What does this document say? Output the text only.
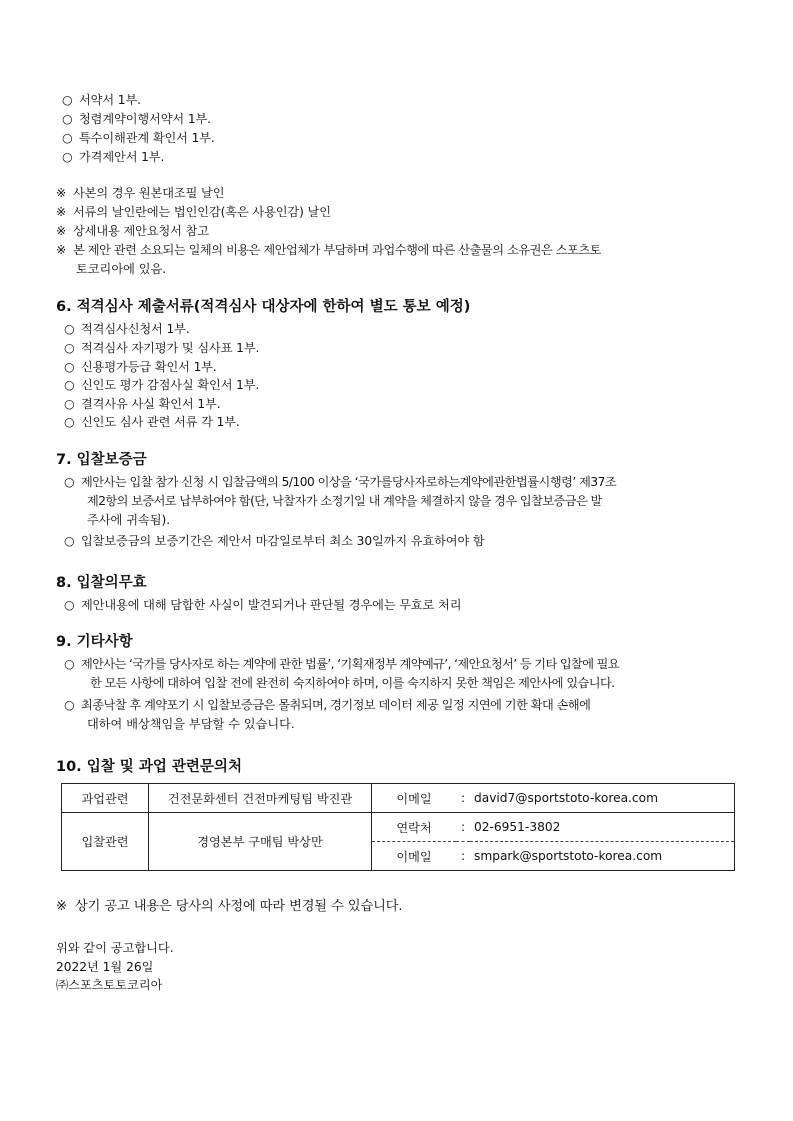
○ 서약서 1부.
○ 청렴계약이행서약서 1부.
○ 특수이해관계 확인서 1부.
○ 가격제안서 1부.
※ 사본의 경우 원본대조필 날인
※ 서류의 날인란에는 법인인감(혹은 사용인감) 날인
※ 상세내용 제안요청서 참고
※ 본 제안 관련 소요되는 일체의 비용은 제안업체가 부담하며 과업수행에 따른 산출물의 소유권은 스포츠토
토코리아에 있음.
6. 적격심사 제출서류(적격심사 대상자에 한하여 별도 통보 예정)
○ 적격심사신청서 1부.
○ 적격심사 자기평가 및 심사표 1부.
○ 신용평가등급 확인서 1부.
○ 신인도 평가 감점사실 확인서 1부.
○ 결격사유 사실 확인서 1부.
○ 신인도 심사 관련 서류 각 1부.
7. 입찰보증금
○ 제안사는 입찰 참가 신청 시 입찰금액의 5/100 이상을 ‘국가를당사자로하는계약에관한법률시행령’ 제37조
제2항의 보증서로 납부하여야 함(단, 낙찰자가 소정기일 내 계약을 체결하지 않을 경우 입찰보증금은 발
주사에 귀속됨).
○ 입찰보증금의 보증기간은 제안서 마감일로부터 최소 30일까지 유효하여야 함
8. 입찰의무효
○ 제안내용에 대해 담합한 사실이 발견되거나 판단될 경우에는 무효로 처리
9. 기타사항
○ 제안사는 ‘국가를 당사자로 하는 계약에 관한 법률’, ‘기획재정부 계약예규’, ‘제안요청서’ 등 기타 입찰에 필요
한 모든 사항에 대하여 입찰 전에 완전히 숙지하여야 하며, 이를 숙지하지 못한 책임은 제안사에 있습니다.
○ 최종낙찰 후 계약포기 시 입찰보증금은 몰취되며, 경기정보 데이터 제공 일정 지연에 기한 확대 손해에
대하여 배상책임을 부담할 수 있습니다.
10. 입찰 및 과업 관련문의처
과업관련	건전문화센터 건전마케팅팀 박진관	이메일	:	david7@sportstoto-korea.com
입찰관련	경영본부 구매팀 박상만	연락처	:	02-6951-3802
		이메일	:	smpark@sportstoto-korea.com
※ 상기 공고 내용은 당사의 사정에 따라 변경될 수 있습니다.
위와 같이 공고합니다.
2022년 1월 26일
㈜스포츠토토코리아
